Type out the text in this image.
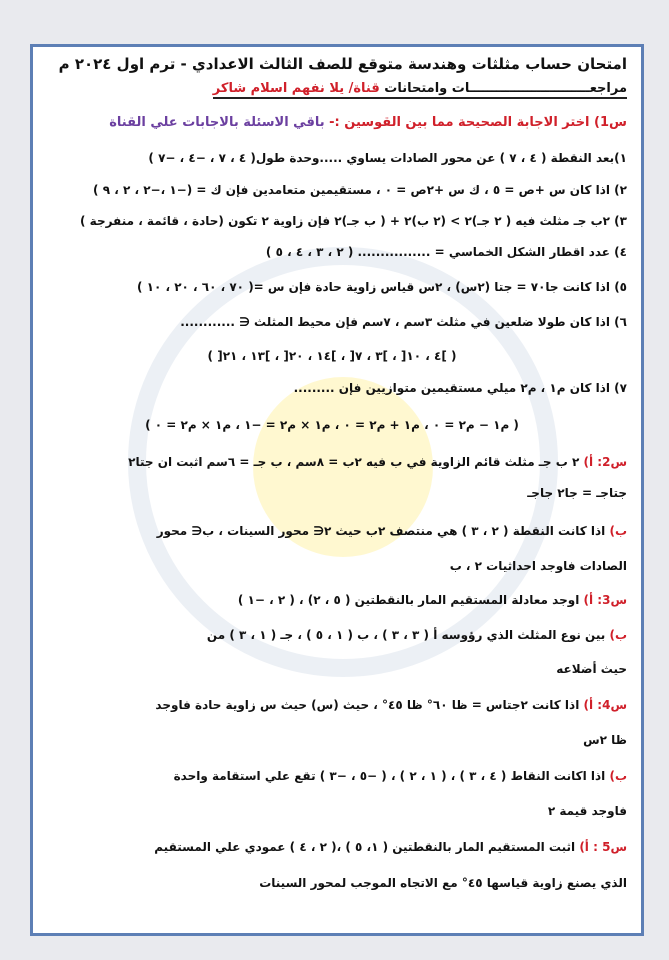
امتحان حساب مثلثات وهندسة متوقع للصف الثالث الاعدادي - ترم اول ٢٠٢٤ م
مراجعـــــــــــــــــــــــــــات وامتحانات قناة/ يلا نفهم اسلام شاكر
س1) اختر الاجابة الصحيحة مما بين القوسين :- باقي الاسئلة بالاجابات علي القناة
١)بعد النقطة ( ٤ ، ٧ ) عن محور الصادات يساوي .....وحدة طول( ٤ ، ٧ ، −٤ ، −٧ )
٢) اذا كان س +ص = ٥ ، ك س +٢ص = ٠ ، مستقيمين متعامدين فإن ك = (−١ ،−٢ ، ٢ ، ٩ )
٣) ٢ب جـ مثلث فيه ( ٢ جـ)٢ > (٢ ب)٢ + ( ب جـ)٢ فإن زاوية ٢ تكون (حادة ، قائمة ، منفرجة )
٤) عدد اقطار الشكل الخماسي = ................ ( ٢ ، ٣ ، ٤ ، ٥ )
٥) اذا كانت جا٧٠ = جتا (٢س) ، ٢س قياس زاوية حادة فإن س =( ٧٠ ، ٦٠ ، ٢٠ ، ١٠ )
٦) اذا كان طولا ضلعين في مثلث ٣سم ، ٧سم فإن محيط المثلث ∈ ............
( ]٤ ، ١٠[ ، ]٣ ، ٧[ ، ]١٤ ، ٢٠[ ، ]١٣ ، ٢١[ )
٧) اذا كان م١ ، م٢ ميلي مستقيمين متوازيين فإن .........
( م١ − م٢ = ٠ ، م١ + م٢ = ٠ ، م١ × م٢ = −١ ، م١ × م٢ = ٠ )
س2: أ) ٢ ب جـ مثلث قائم الزاوية في ب فيه ٢ب = ٨سم ، ب جـ = ٦سم اثبت ان جتا٢
جتاجـ = جا٢ جاجـ
ب) اذا كانت النقطة ( ٢ ، ٣ ) هي منتصف ٢ب حيث ٢∈ محور السينات ، ب∈ محور
الصادات فاوجد احداثيات ٢ ، ب
س3: أ) اوجد معادلة المستقيم المار بالنقطتين ( ٥ ، ٢) ، ( ٢ ، −١ )
ب) بين نوع المثلث الذي رؤوسه أ ( ٣ ، ٣ ) ، ب ( ١ ، ٥ ) ، جـ ( ١ ، ٣ ) من
حيث أضلاعه
س4: أ) اذا كانت ٢جتاس = ظا ٦٠° ظا ٤٥° ، حيث (س) حيث س زاوية حادة فاوجد
ظا ٢س
ب) اذا اكانت النقاط ( ٤ ، ٣ ) ، ( ١ ، ٢ ) ، ( −٥ ، −٣ ) تقع علي استقامة واحدة
فاوجد قيمة ٢
س5 : أ) اثبت المستقيم المار بالنقطتين ( ١، ٥ ) ،( ٢ ، ٤ ) عمودي علي المستقيم
الذي يصنع زاوية قياسها ٤٥° مع الاتجاه الموجب لمحور السينات
